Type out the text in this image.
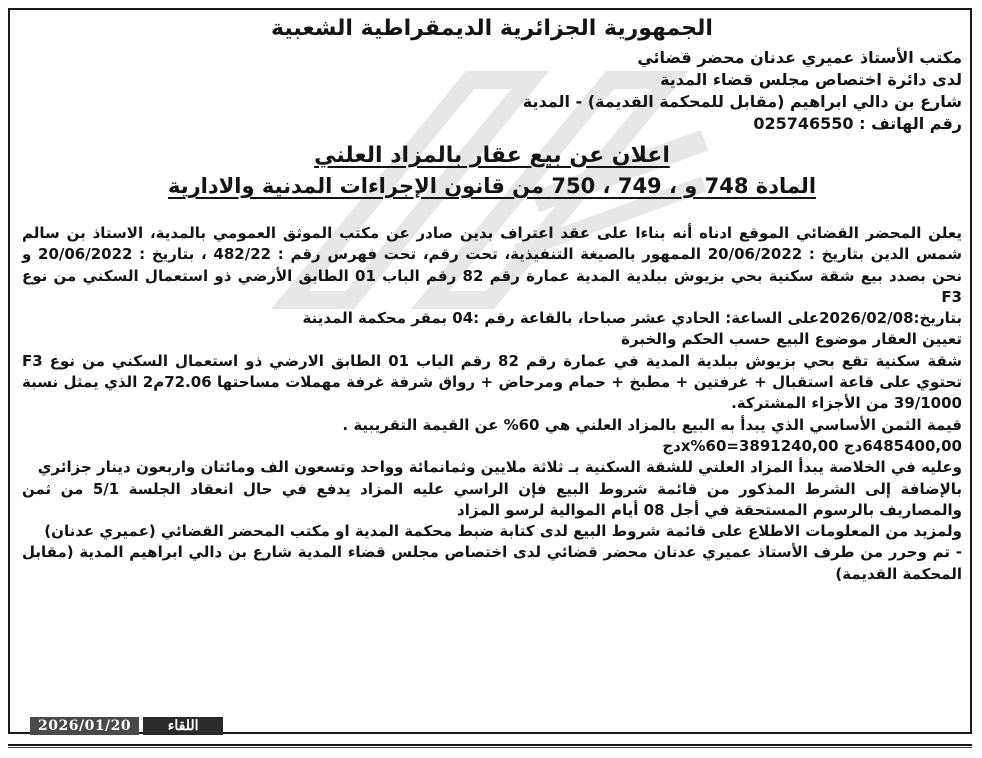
الجمهورية الجزائرية الديمقراطية الشعبية
مكتب الأستاذ عميري عدنان محضر قضائي
لدى دائرة اختصاص مجلس قضاء المدية
شارع بن دالي ابراهيم (مقابل للمحكمة القديمة) - المدية
رقم الهاتف : 025746550
اعلان عن بيع عقار بالمزاد العلني
المادة 748 و ، 749 ، 750 من قانون الإجراءات المدنية والادارية

يعلن المحضر القضائي الموقع ادناه أنه بناءا على عقد اعتراف بدين صادر عن مكتب الموثق العمومي بالمدية، الاستاذ بن سالم شمس الدين بتاريخ : 20/06/2022 الممهور بالصيغة التنفيذية، تحت رقم، تحت فهرس رقم : 482/22 ، بتاريخ : 20/06/2022 و نحن بصدد بيع شقة سكنية بحي بزيوش ببلدية المدية عمارة رقم 82 رقم الباب 01 الطابق الأرضي ذو استعمال السكني من نوع F3

بتاريخ:2026/02/08على الساعة: الحادي عشر صباحا، بالقاعة رقم :04 بمقر محكمة المدينة

تعيين العقار موضوع البيع حسب الحكم والخبرة

شقة سكنية تقع بحي بزيوش ببلدية المدية في عمارة رقم 82 رقم الباب 01 الطابق الارضي ذو استعمال السكني من نوع F3 تحتوي على قاعة استقبال + غرفتين + مطبخ + حمام ومرحاض + رواق شرفة غرفة مهملات مساحتها 72.06م2 الذي يمثل نسبة 39/1000 من الأجزاء المشتركة.

قيمة الثمن الأساسي الذي يبدأ به البيع بالمزاد العلني هي 60% عن القيمة التقريبية .

6485400,00دج x%60=3891240,00دج

وعليه في الخلاصة يبدأ المزاد العلني للشقة السكنية بـ ثلاثة ملايين وثمانمائة وواحد وتسعون الف ومائتان واربعون دينار جزائري

بالإضافة إلى الشرط المذكور من قائمة شروط البيع فإن الراسي عليه المزاد يدفع في حال انعقاد الجلسة 5/1 من ثمن والمصاريف بالرسوم المستحقة في أجل 08 أيام الموالية لرسو المزاد

ولمزيد من المعلومات الاطلاع على قائمة شروط البيع لدى كتابة ضبط محكمة المدية او مكتب المحضر القضائي (عميري عدنان)

- تم وحرر من طرف الأستاذ عميري عدنان محضر قضائي لدى اختصاص مجلس قضاء المدية شارع بن دالي ابراهيم المدية (مقابل المحكمة القديمة)

2026/01/20	اللقاء
